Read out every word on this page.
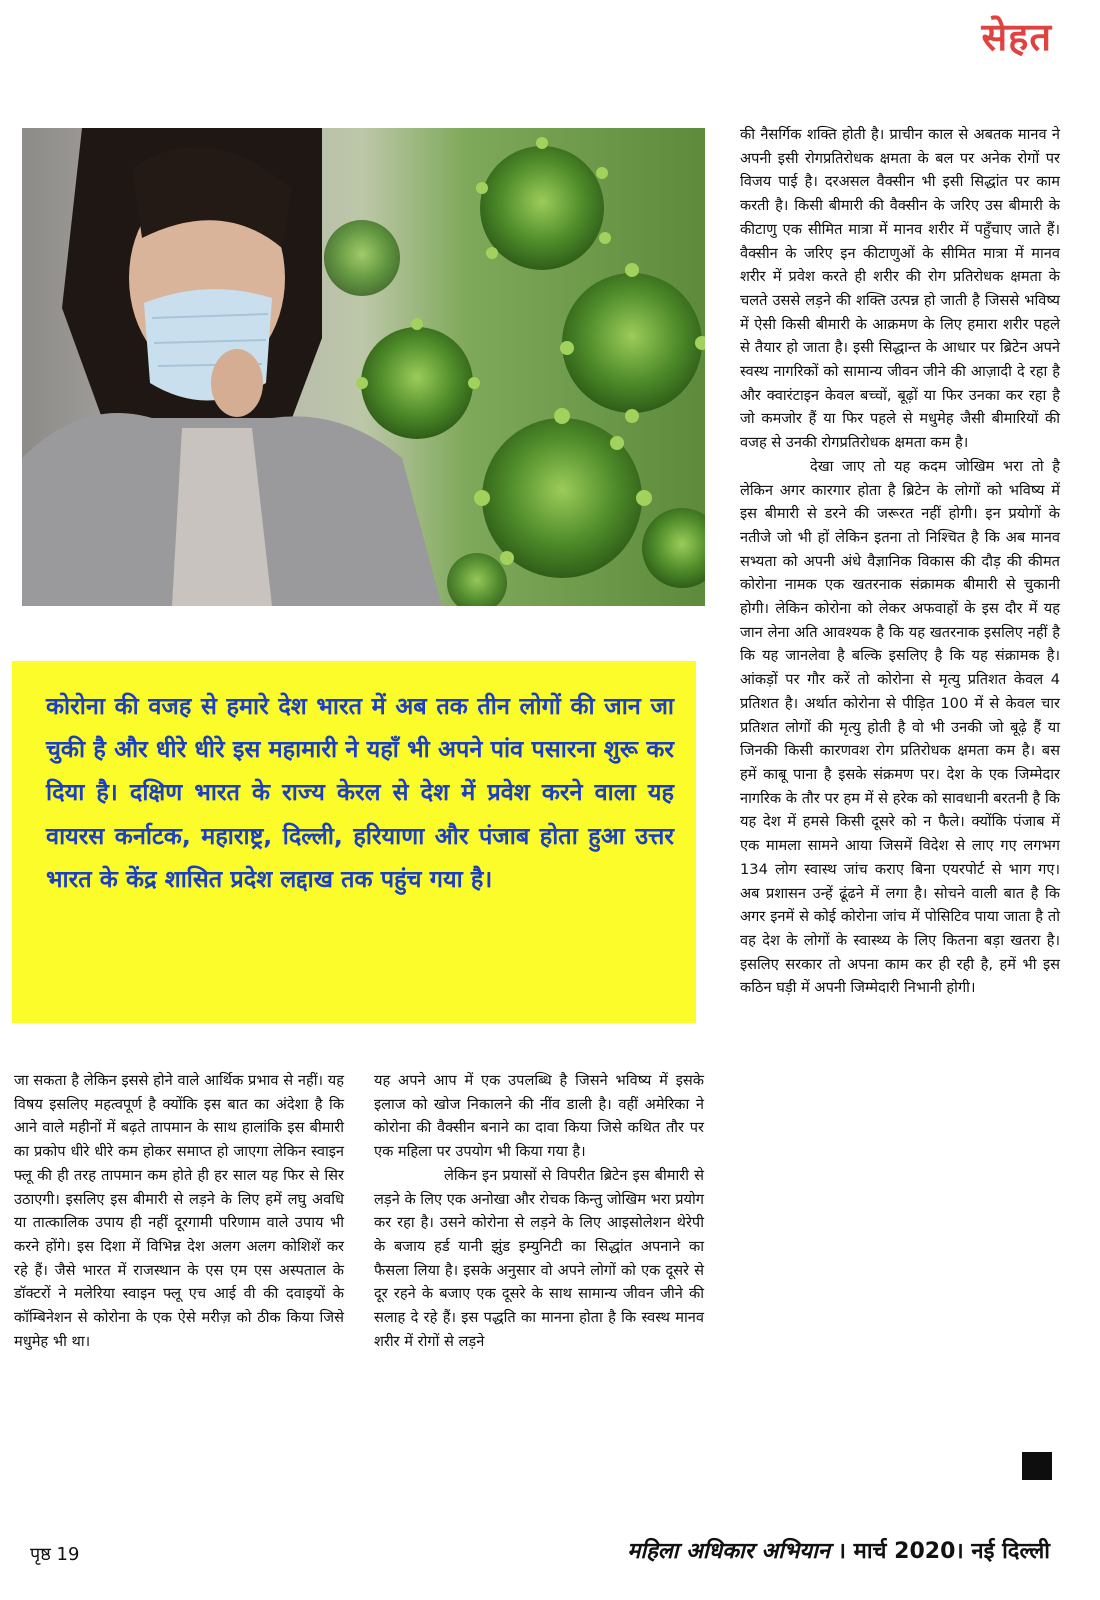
सेहत

की नैसर्गिक शक्ति होती है। प्राचीन काल से अबतक मानव ने अपनी इसी रोगप्रतिरोधक क्षमता के बल पर अनेक रोगों पर विजय पाई है। दरअसल वैक्सीन भी इसी सिद्धांत पर काम करती है। किसी बीमारी की वैक्सीन के जरिए उस बीमारी के कीटाणु एक सीमित मात्रा में मानव शरीर में पहुँचाए जाते हैं। वैक्सीन के जरिए इन कीटाणुओं के सीमित मात्रा में मानव शरीर में प्रवेश करते ही शरीर की रोग प्रतिरोधक क्षमता के चलते उससे लड़ने की शक्ति उत्पन्न हो जाती है जिससे भविष्य में ऐसी किसी बीमारी के आक्रमण के लिए हमारा शरीर पहले से तैयार हो जाता है। इसी सिद्धान्त के आधार पर ब्रिटेन अपने स्वस्थ नागरिकों को सामान्य जीवन जीने की आज़ादी दे रहा है और क्वारंटाइन केवल बच्चों, बूढ़ों या फिर उनका कर रहा है जो कमजोर हैं या फिर पहले से मधुमेह जैसी बीमारियों की वजह से उनकी रोगप्रतिरोधक क्षमता कम है।

देखा जाए तो यह कदम जोखिम भरा तो है लेकिन अगर कारगार होता है ब्रिटेन के लोगों को भविष्य में इस बीमारी से डरने की जरूरत नहीं होगी। इन प्रयोगों के नतीजे जो भी हों लेकिन इतना तो निश्चित है कि अब मानव सभ्यता को अपनी अंधे वैज्ञानिक विकास की दौड़ की कीमत कोरोना नामक एक खतरनाक संक्रामक बीमारी से चुकानी होगी। लेकिन कोरोना को लेकर अफवाहों के इस दौर में यह जान लेना अति आवश्यक है कि यह खतरनाक इसलिए नहीं है कि यह जानलेवा है बल्कि इसलिए है कि यह संक्रामक है। आंकड़ों पर गौर करें तो कोरोना से मृत्यु प्रतिशत केवल 4 प्रतिशत है। अर्थात कोरोना से पीड़ित 100 में से केवल चार प्रतिशत लोगों की मृत्यु होती है वो भी उनकी जो बूढ़े हैं या जिनकी किसी कारणवश रोग प्रतिरोधक क्षमता कम है। बस हमें काबू पाना है इसके संक्रमण पर। देश के एक जिम्मेदार नागरिक के तौर पर हम में से हरेक को सावधानी बरतनी है कि यह देश में हमसे किसी दूसरे को न फैले। क्योंकि पंजाब में एक मामला सामने आया जिसमें विदेश से लाए गए लगभग 134 लोग स्वास्थ जांच कराए बिना एयरपोर्ट से भाग गए। अब प्रशासन उन्हें ढूंढने में लगा है। सोचने वाली बात है कि अगर इनमें से कोई कोरोना जांच में पोसिटिव पाया जाता है तो वह देश के लोगों के स्वास्थ्य के लिए कितना बड़ा खतरा है। इसलिए सरकार तो अपना काम कर ही रही है, हमें भी इस कठिन घड़ी में अपनी जिम्मेदारी निभानी होगी।

कोरोना की वजह से हमारे देश भारत में अब तक तीन लोगों की जान जा चुकी है और धीरे धीरे इस महामारी ने यहाँ भी अपने पांव पसारना शुरू कर दिया है। दक्षिण भारत के राज्य केरल से देश में प्रवेश करने वाला यह वायरस कर्नाटक, महाराष्ट्र, दिल्ली, हरियाणा और पंजाब होता हुआ उत्तर भारत के केंद्र शासित प्रदेश लद्दाख तक पहुंच गया है।

जा सकता है लेकिन इससे होने वाले आर्थिक प्रभाव से नहीं। यह विषय इसलिए महत्वपूर्ण है क्योंकि इस बात का अंदेशा है कि आने वाले महीनों में बढ़ते तापमान के साथ हालांकि इस बीमारी का प्रकोप धीरे धीरे कम होकर समाप्त हो जाएगा लेकिन स्वाइन फ्लू की ही तरह तापमान कम होते ही हर साल यह फिर से सिर उठाएगी। इसलिए इस बीमारी से लड़ने के लिए हमें लघु अवधि या तात्कालिक उपाय ही नहीं दूरगामी परिणाम वाले उपाय भी करने होंगे। इस दिशा में विभिन्न देश अलग अलग कोशिशें कर रहे हैं। जैसे भारत में राजस्थान के एस एम एस अस्पताल के डॉक्टरों ने मलेरिया स्वाइन फ्लू एच आई वी की दवाइयों के कॉम्बिनेशन से कोरोना के एक ऐसे मरीज़ को ठीक किया जिसे मधुमेह भी था।

यह अपने आप में एक उपलब्धि है जिसने भविष्य में इसके इलाज को खोज निकालने की नींव डाली है। वहीं अमेरिका ने कोरोना की वैक्सीन बनाने का दावा किया जिसे कथित तौर पर एक महिला पर उपयोग भी किया गया है।

लेकिन इन प्रयासों से विपरीत ब्रिटेन इस बीमारी से लड़ने के लिए एक अनोखा और रोचक किन्तु जोखिम भरा प्रयोग कर रहा है। उसने कोरोना से लड़ने के लिए आइसोलेशन थेरेपी के बजाय हर्ड यानी झुंड इम्युनिटी का सिद्धांत अपनाने का फैसला लिया है। इसके अनुसार वो अपने लोगों को एक दूसरे से दूर रहने के बजाए एक दूसरे के साथ सामान्य जीवन जीने की सलाह दे रहे हैं। इस पद्धति का मानना होता है कि स्वस्थ मानव शरीर में रोगों से लड़ने

पृष्ठ 19	महिला अधिकार अभियान । मार्च 2020। नई दिल्ली
